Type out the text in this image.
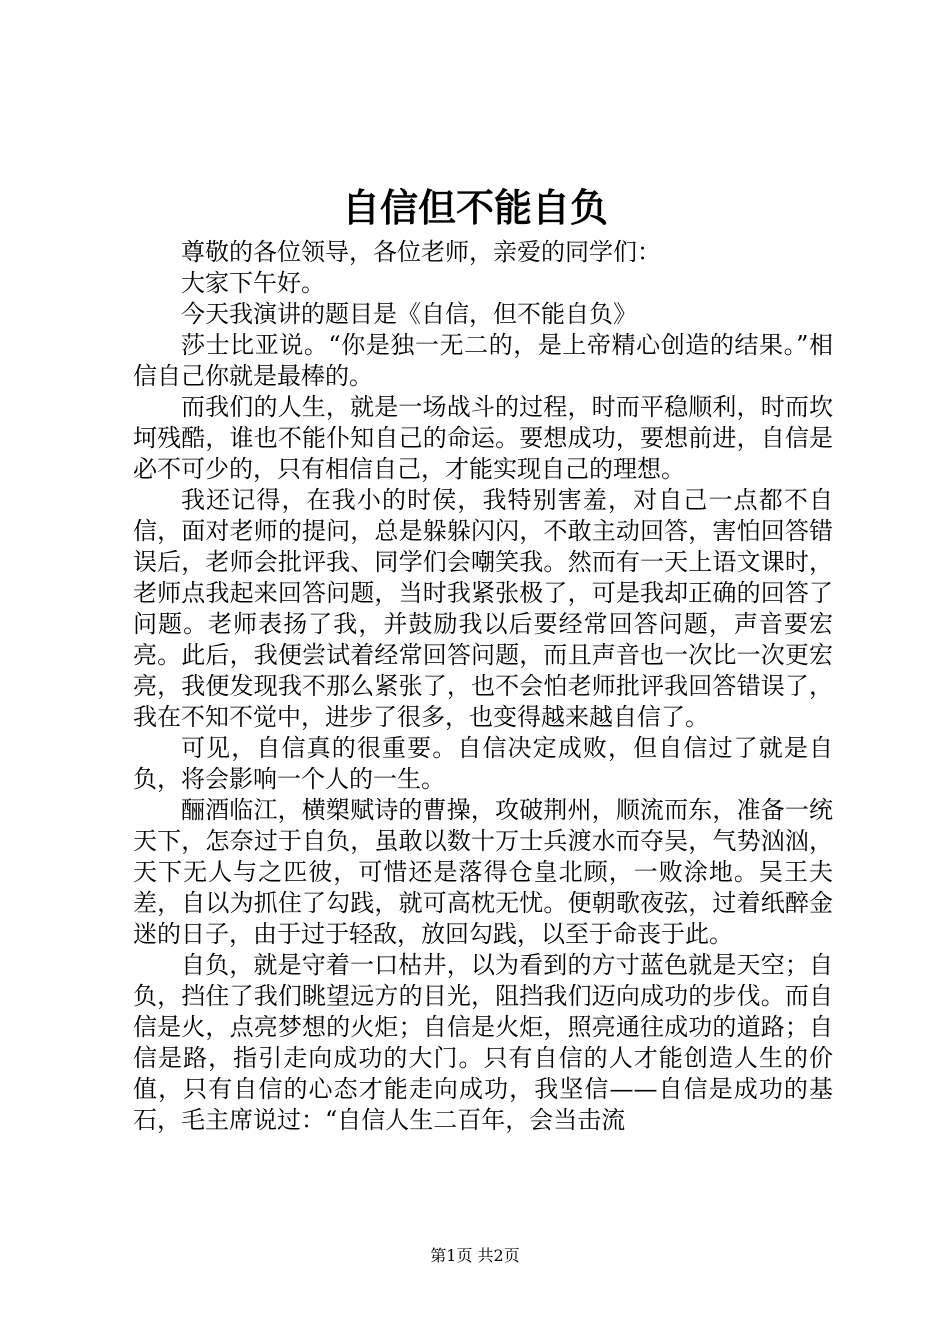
自信但不能自负

尊敬的各位领导，各位老师，亲爱的同学们：

大家下午好。

今天我演讲的题目是《自信，但不能自负》

莎士比亚说。“你是独一无二的，是上帝精心创造的结果。”相信自己你就是最棒的。

而我们的人生，就是一场战斗的过程，时而平稳顺利，时而坎坷残酷，谁也不能仆知自己的命运。要想成功，要想前进，自信是必不可少的，只有相信自己，才能实现自己的理想。

我还记得，在我小的时侯，我特别害羞，对自己一点都不自信，面对老师的提问，总是躲躲闪闪，不敢主动回答，害怕回答错误后，老师会批评我、同学们会嘲笑我。然而有一天上语文课时，老师点我起来回答问题，当时我紧张极了，可是我却正确的回答了问题。老师表扬了我，并鼓励我以后要经常回答问题，声音要宏亮。此后，我便尝试着经常回答问题，而且声音也一次比一次更宏亮，我便发现我不那么紧张了，也不会怕老师批评我回答错误了，我在不知不觉中，进步了很多，也变得越来越自信了。

可见，自信真的很重要。自信决定成败，但自信过了就是自负，将会影响一个人的一生。

酾酒临江，横槊赋诗的曹操，攻破荆州，顺流而东，准备一统天下，怎奈过于自负，虽敢以数十万士兵渡水而夺吴，气势汹汹，天下无人与之匹彼，可惜还是落得仓皇北顾，一败涂地。吴王夫差，自以为抓住了勾践，就可高枕无忧。便朝歌夜弦，过着纸醉金迷的日子，由于过于轻敌，放回勾践，以至于命丧于此。

自负，就是守着一口枯井，以为看到的方寸蓝色就是天空；自负，挡住了我们眺望远方的目光，阻挡我们迈向成功的步伐。而自信是火，点亮梦想的火炬；自信是火炬，照亮通往成功的道路；自信是路，指引走向成功的大门。只有自信的人才能创造人生的价值，只有自信的心态才能走向成功，我坚信——自信是成功的基石，毛主席说过：“自信人生二百年，会当击流

第1页 共2页
